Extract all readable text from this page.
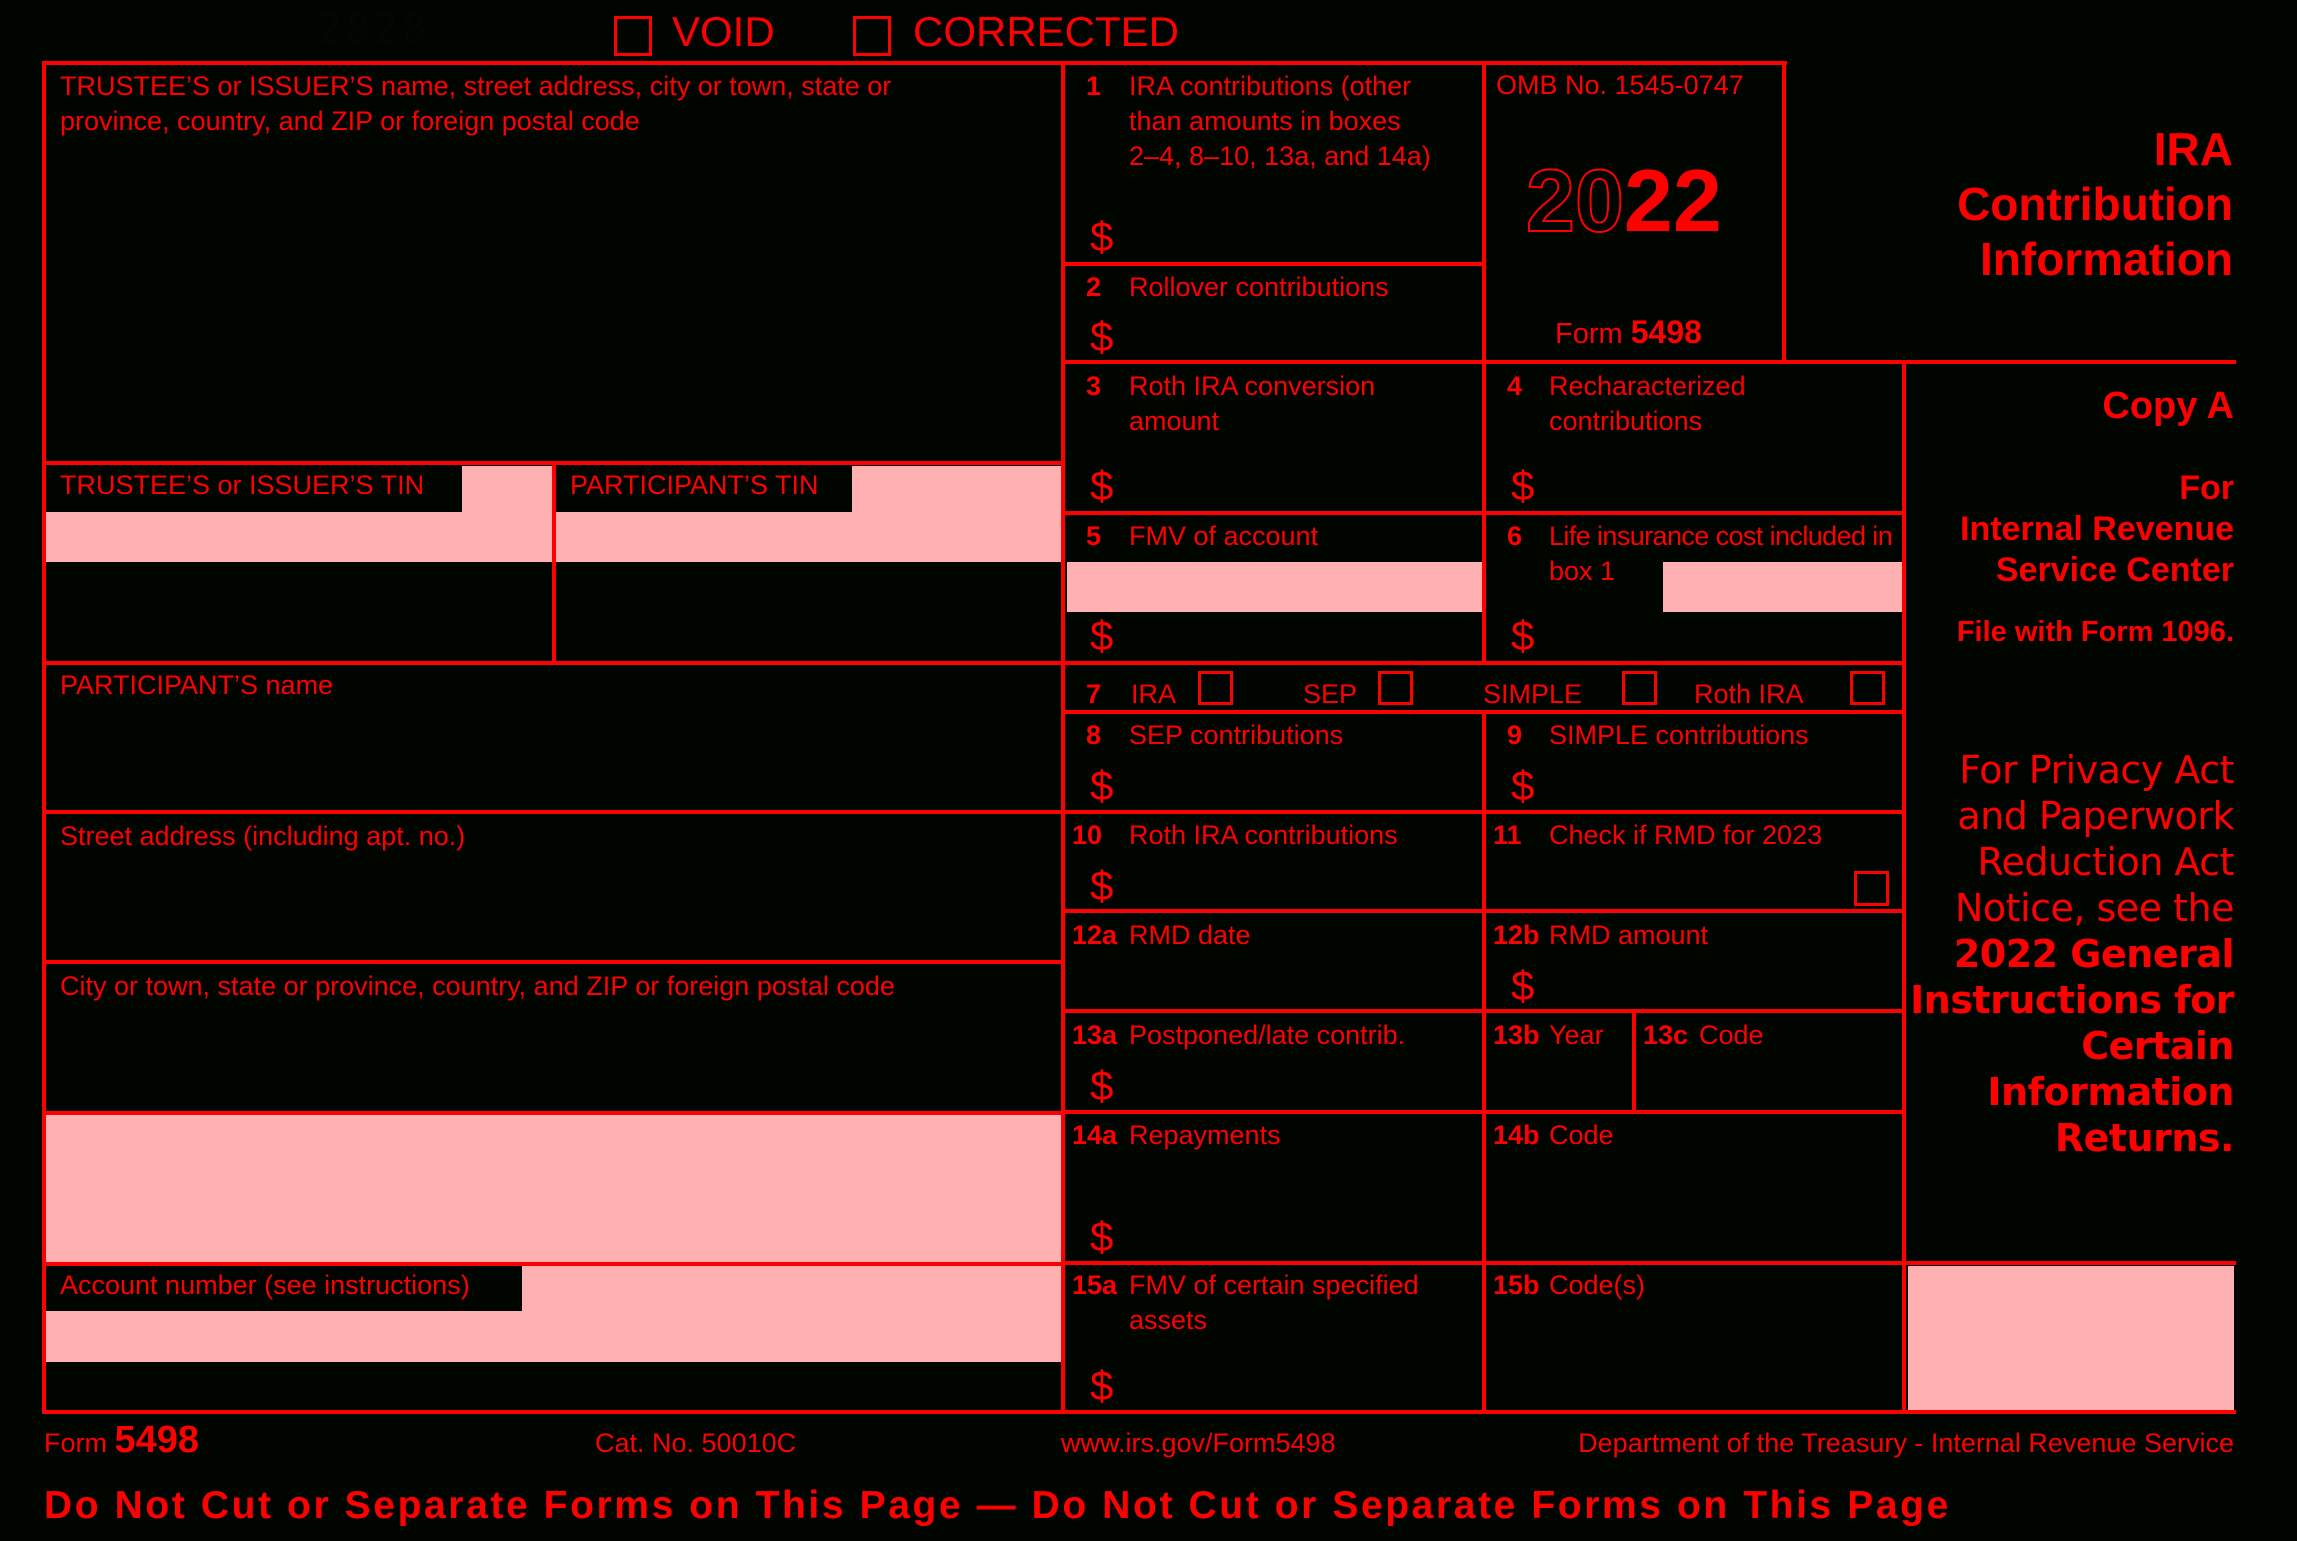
2828	VOID	CORRECTED
TRUSTEE’S or ISSUER’S name, street address, city or town, state or
province, country, and ZIP or foreign postal code
TRUSTEE’S or ISSUER’S TIN	PARTICIPANT’S TIN
PARTICIPANT’S name
Street address (including apt. no.)
City or town, state or province, country, and ZIP or foreign postal code
Account number (see instructions)
1 IRA contributions (other
than amounts in boxes
2–4, 8–10, 13a, and 14a)
$
2 Rollover contributions
$
OMB No. 1545-0747
2022
Form 5498
IRA
Contribution
Information
3 Roth IRA conversion
amount
$
4 Recharacterized
contributions
$
Copy A
For
Internal Revenue
Service Center
File with Form 1096.
For Privacy Act
and Paperwork
Reduction Act
Notice, see the
2022 General
Instructions for
Certain
Information
Returns.
5 FMV of account
$
6 Life insurance cost included in
box 1
$
7 IRA	SEP	SIMPLE	Roth IRA
8 SEP contributions
$
9 SIMPLE contributions
$
10 Roth IRA contributions
$
11 Check if RMD for 2023
12a RMD date	12b RMD amount
$
13a Postponed/late contrib.
$
13b Year 13c Code
14a Repayments
$
14b Code
15a FMV of certain specified
assets
$
15b Code(s)
Form 5498	Cat. No. 50010C	www.irs.gov/Form5498	Department of the Treasury - Internal Revenue Service
Do Not Cut or Separate Forms on This Page — Do Not Cut or Separate Forms on This Page
